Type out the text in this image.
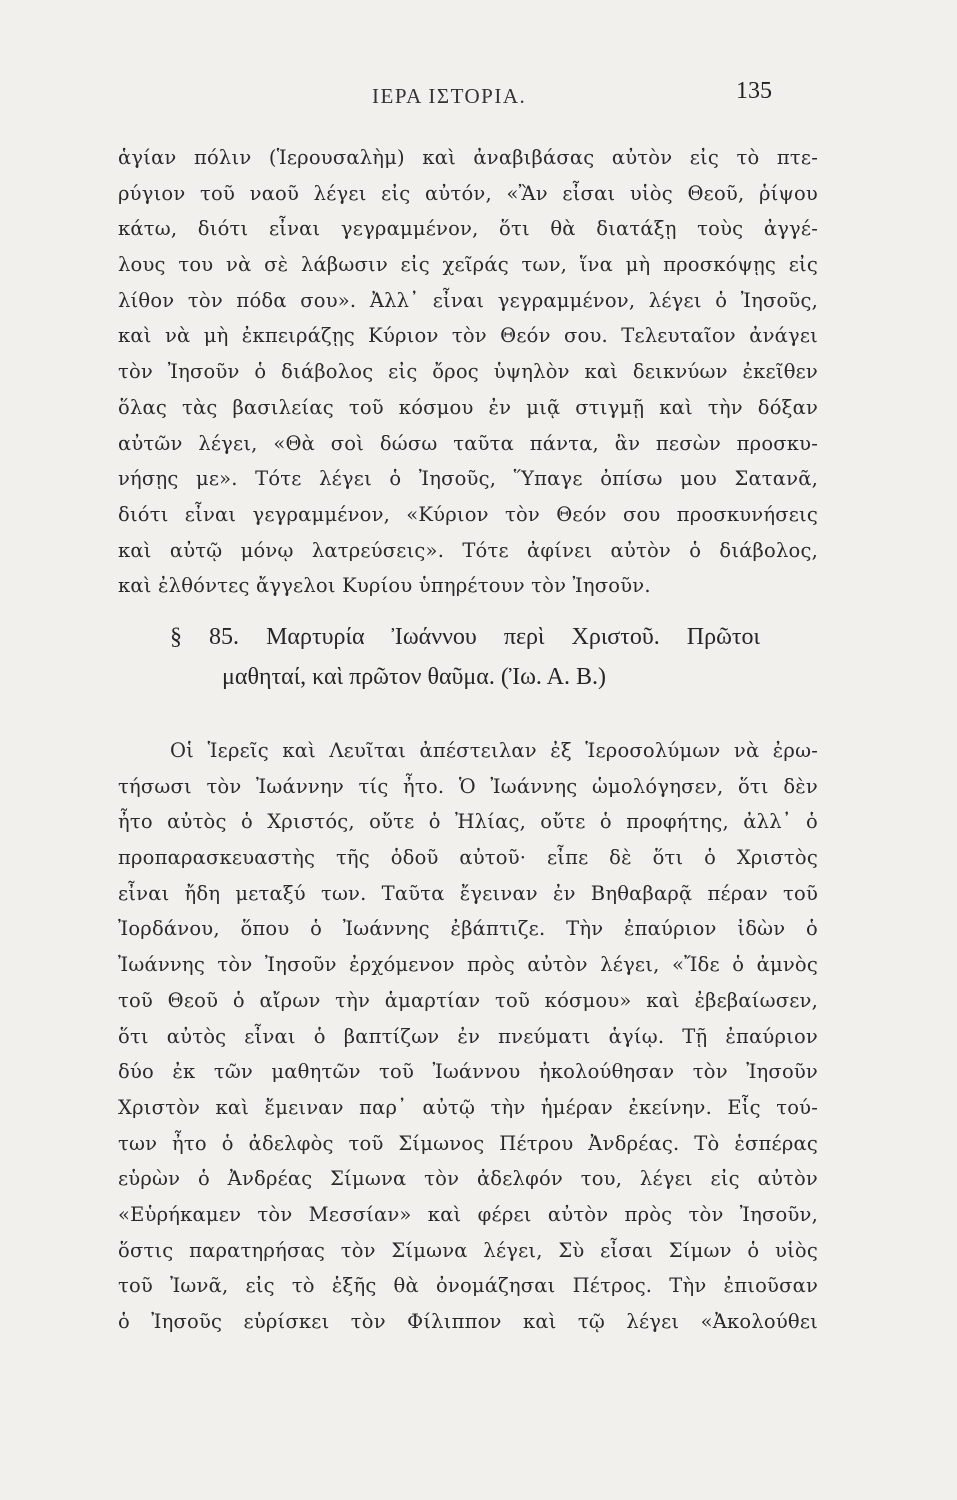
ΙΕΡΑ ΙΣΤΟΡΙΑ.	135
ἁγίαν πόλιν (Ἱερουσαλὴμ) καὶ ἀναβιβάσας αὐτὸν εἰς τὸ πτε-
ρύγιον τοῦ ναοῦ λέγει εἰς αὐτόν, «Ἂν εἶσαι υἱὸς Θεοῦ, ῥίψου
κάτω, διότι εἶναι γεγραμμένον, ὅτι θὰ διατάξῃ τοὺς ἀγγέ-
λους του νὰ σὲ λάβωσιν εἰς χεῖράς των, ἵνα μὴ προσκόψῃς εἰς
λίθον τὸν πόδα σου». Ἀλλ᾽ εἶναι γεγραμμένον, λέγει ὁ Ἰησοῦς,
καὶ νὰ μὴ ἐκπειράζῃς Κύριον τὸν Θεόν σου. Τελευταῖον ἀνάγει
τὸν Ἰησοῦν ὁ διάβολος εἰς ὄρος ὑψηλὸν καὶ δεικνύων ἐκεῖθεν
ὅλας τὰς βασιλείας τοῦ κόσμου ἐν μιᾷ στιγμῇ καὶ τὴν δόξαν
αὐτῶν λέγει, «Θὰ σοὶ δώσω ταῦτα πάντα, ἂν πεσὼν προσκυ-
νήσῃς με». Τότε λέγει ὁ Ἰησοῦς, Ὕπαγε ὀπίσω μου Σατανᾶ,
διότι εἶναι γεγραμμένον, «Κύριον τὸν Θεόν σου προσκυνήσεις
καὶ αὐτῷ μόνῳ λατρεύσεις». Τότε ἀφίνει αὐτὸν ὁ διάβολος,
καὶ ἐλθόντες ἄγγελοι Κυρίου ὑπηρέτουν τὸν Ἰησοῦν.
§ 85. Μαρτυρία Ἰωάννου περὶ Χριστοῦ. Πρῶτοι
μαθηταί, καὶ πρῶτον θαῦμα. (Ἰω. Α. Β.)
Οἱ Ἱερεῖς καὶ Λευῖται ἀπέστειλαν ἐξ Ἱεροσολύμων νὰ ἐρω-
τήσωσι τὸν Ἰωάννην τίς ἦτο. Ὁ Ἰωάννης ὡμολόγησεν, ὅτι δὲν
ἦτο αὐτὸς ὁ Χριστός, οὔτε ὁ Ἠλίας, οὔτε ὁ προφήτης, ἀλλ᾽ ὁ
προπαρασκευαστὴς τῆς ὁδοῦ αὐτοῦ· εἶπε δὲ ὅτι ὁ Χριστὸς
εἶναι ἤδη μεταξύ των. Ταῦτα ἔγειναν ἐν Βηθαβαρᾷ πέραν τοῦ
Ἰορδάνου, ὅπου ὁ Ἰωάννης ἐβάπτιζε. Τὴν ἐπαύριον ἰδὼν ὁ
Ἰωάννης τὸν Ἰησοῦν ἐρχόμενον πρὸς αὐτὸν λέγει, «Ἴδε ὁ ἀμνὸς
τοῦ Θεοῦ ὁ αἴρων τὴν ἁμαρτίαν τοῦ κόσμου» καὶ ἐβεβαίωσεν,
ὅτι αὐτὸς εἶναι ὁ βαπτίζων ἐν πνεύματι ἁγίῳ. Τῇ ἐπαύριον
δύο ἐκ τῶν μαθητῶν τοῦ Ἰωάννου ἠκολούθησαν τὸν Ἰησοῦν
Χριστὸν καὶ ἔμειναν παρ᾽ αὐτῷ τὴν ἡμέραν ἐκείνην. Εἷς τού-
των ἦτο ὁ ἀδελφὸς τοῦ Σίμωνος Πέτρου Ἀνδρέας. Τὸ ἑσπέρας
εὑρὼν ὁ Ἀνδρέας Σίμωνα τὸν ἀδελφόν του, λέγει εἰς αὐτὸν
«Εὑρήκαμεν τὸν Μεσσίαν» καὶ φέρει αὐτὸν πρὸς τὸν Ἰησοῦν,
ὅστις παρατηρήσας τὸν Σίμωνα λέγει, Σὺ εἶσαι Σίμων ὁ υἱὸς
τοῦ Ἰωνᾶ, εἰς τὸ ἑξῆς θὰ ὀνομάζησαι Πέτρος. Τὴν ἐπιοῦσαν
ὁ Ἰησοῦς εὑρίσκει τὸν Φίλιππον καὶ τῷ λέγει «Ἀκολούθει
